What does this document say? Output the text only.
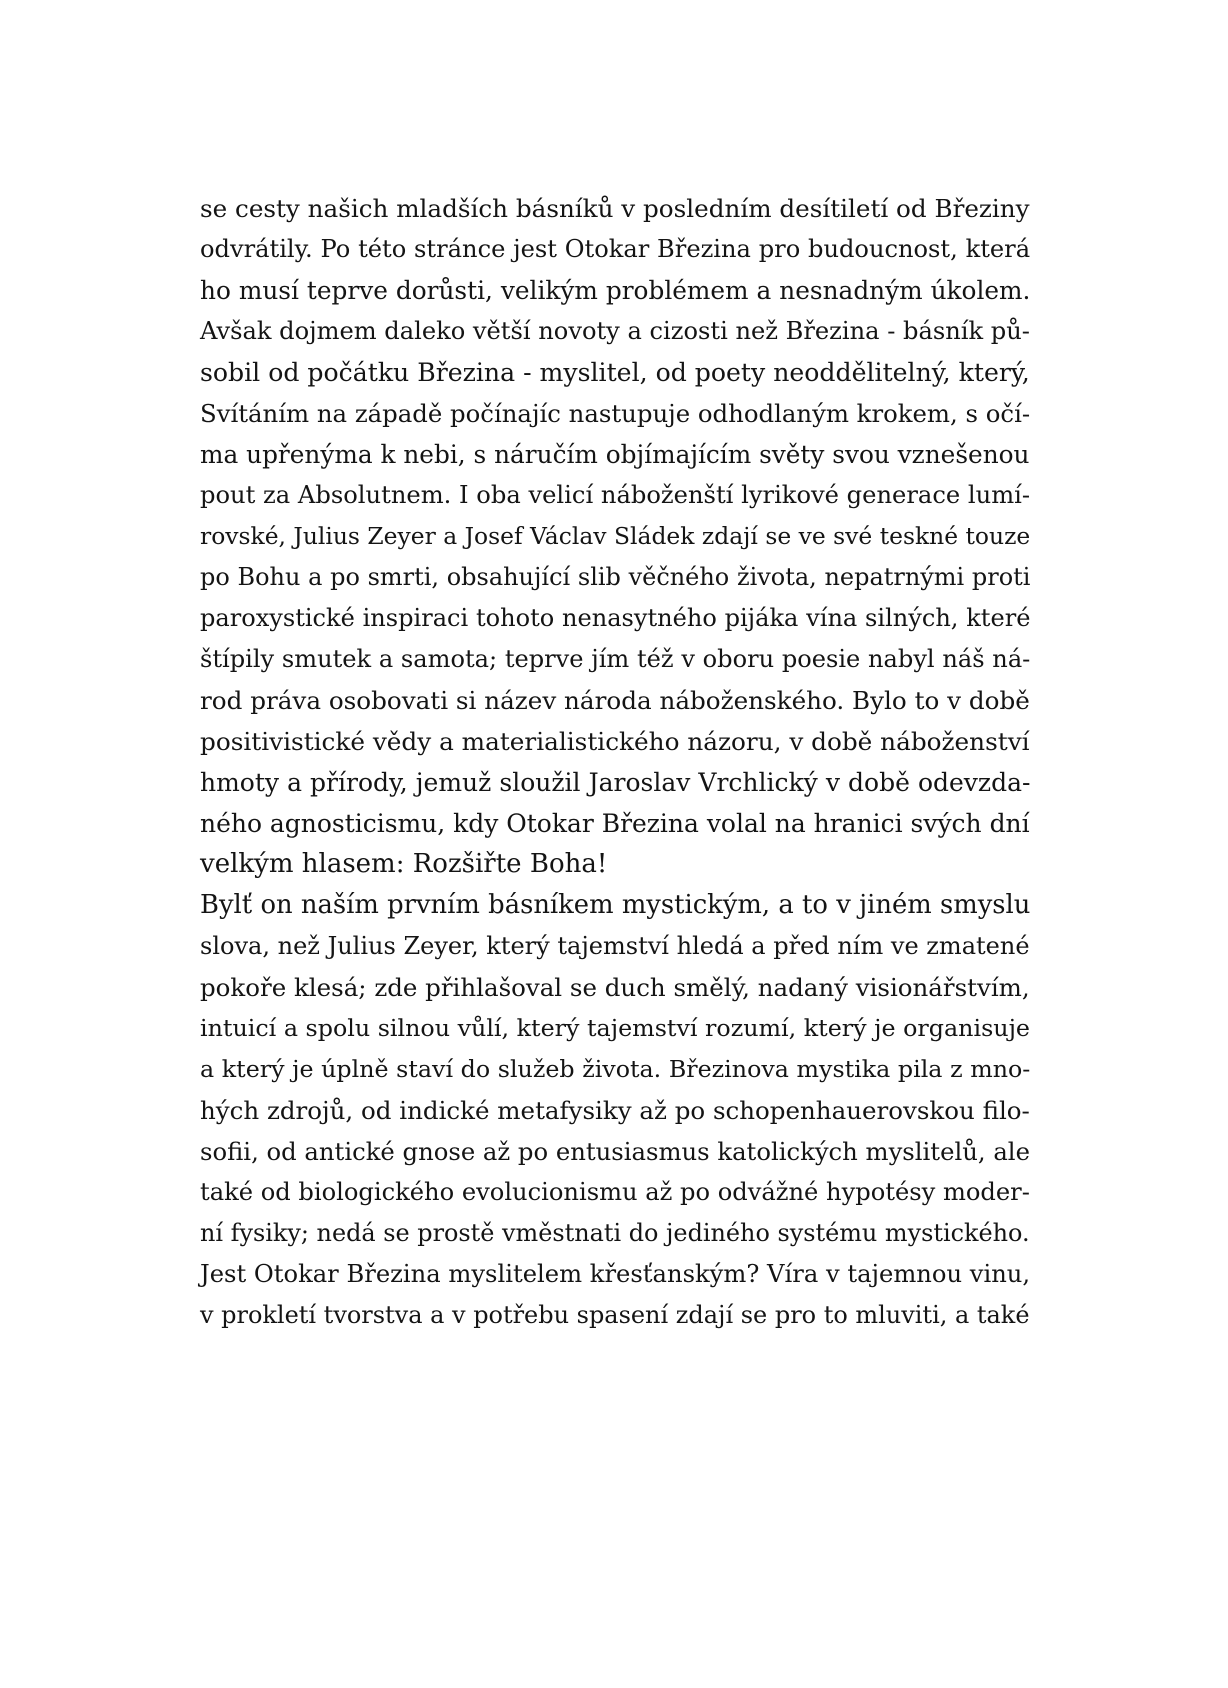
se cesty našich mladších básníků v posledním desítiletí od Březiny
odvrátily. Po této stránce jest Otokar Březina pro budoucnost, která
ho musí teprve dorůsti, velikým problémem a nesnadným úkolem.
Avšak dojmem daleko větší novoty a cizosti než Březina - básník pů-
sobil od počátku Březina - myslitel, od poety neoddělitelný, který,
Svítáním na západě počínajíc nastupuje odhodlaným krokem, s očí-
ma upřenýma k nebi, s náručím objímajícím světy svou vznešenou
pout za Absolutnem. I oba velicí náboženští lyrikové generace lumí-
rovské, Julius Zeyer a Josef Václav Sládek zdají se ve své teskné touze
po Bohu a po smrti, obsahující slib věčného života, nepatrnými proti
paroxystické inspiraci tohoto nenasytného pijáka vína silných, které
štípily smutek a samota; teprve jím též v oboru poesie nabyl náš ná-
rod práva osobovati si název národa náboženského. Bylo to v době
positivistické vědy a materialistického názoru, v době náboženství
hmoty a přírody, jemuž sloužil Jaroslav Vrchlický v době odevzda-
ného agnosticismu, kdy Otokar Březina volal na hranici svých dní
velkým hlasem: Rozšiřte Boha!
Bylť on naším prvním básníkem mystickým, a to v jiném smyslu
slova, než Julius Zeyer, který tajemství hledá a před ním ve zmatené
pokoře klesá; zde přihlašoval se duch smělý, nadaný visionářstvím,
intuicí a spolu silnou vůlí, který tajemství rozumí, který je organisuje
a který je úplně staví do služeb života. Březinova mystika pila z mno-
hých zdrojů, od indické metafysiky až po schopenhauerovskou filo-
sofii, od antické gnose až po entusiasmus katolických myslitelů, ale
také od biologického evolucionismu až po odvážné hypotésy moder-
ní fysiky; nedá se prostě vměstnati do jediného systému mystického.
Jest Otokar Březina myslitelem křesťanským? Víra v tajemnou vinu,
v prokletí tvorstva a v potřebu spasení zdají se pro to mluviti, a také
